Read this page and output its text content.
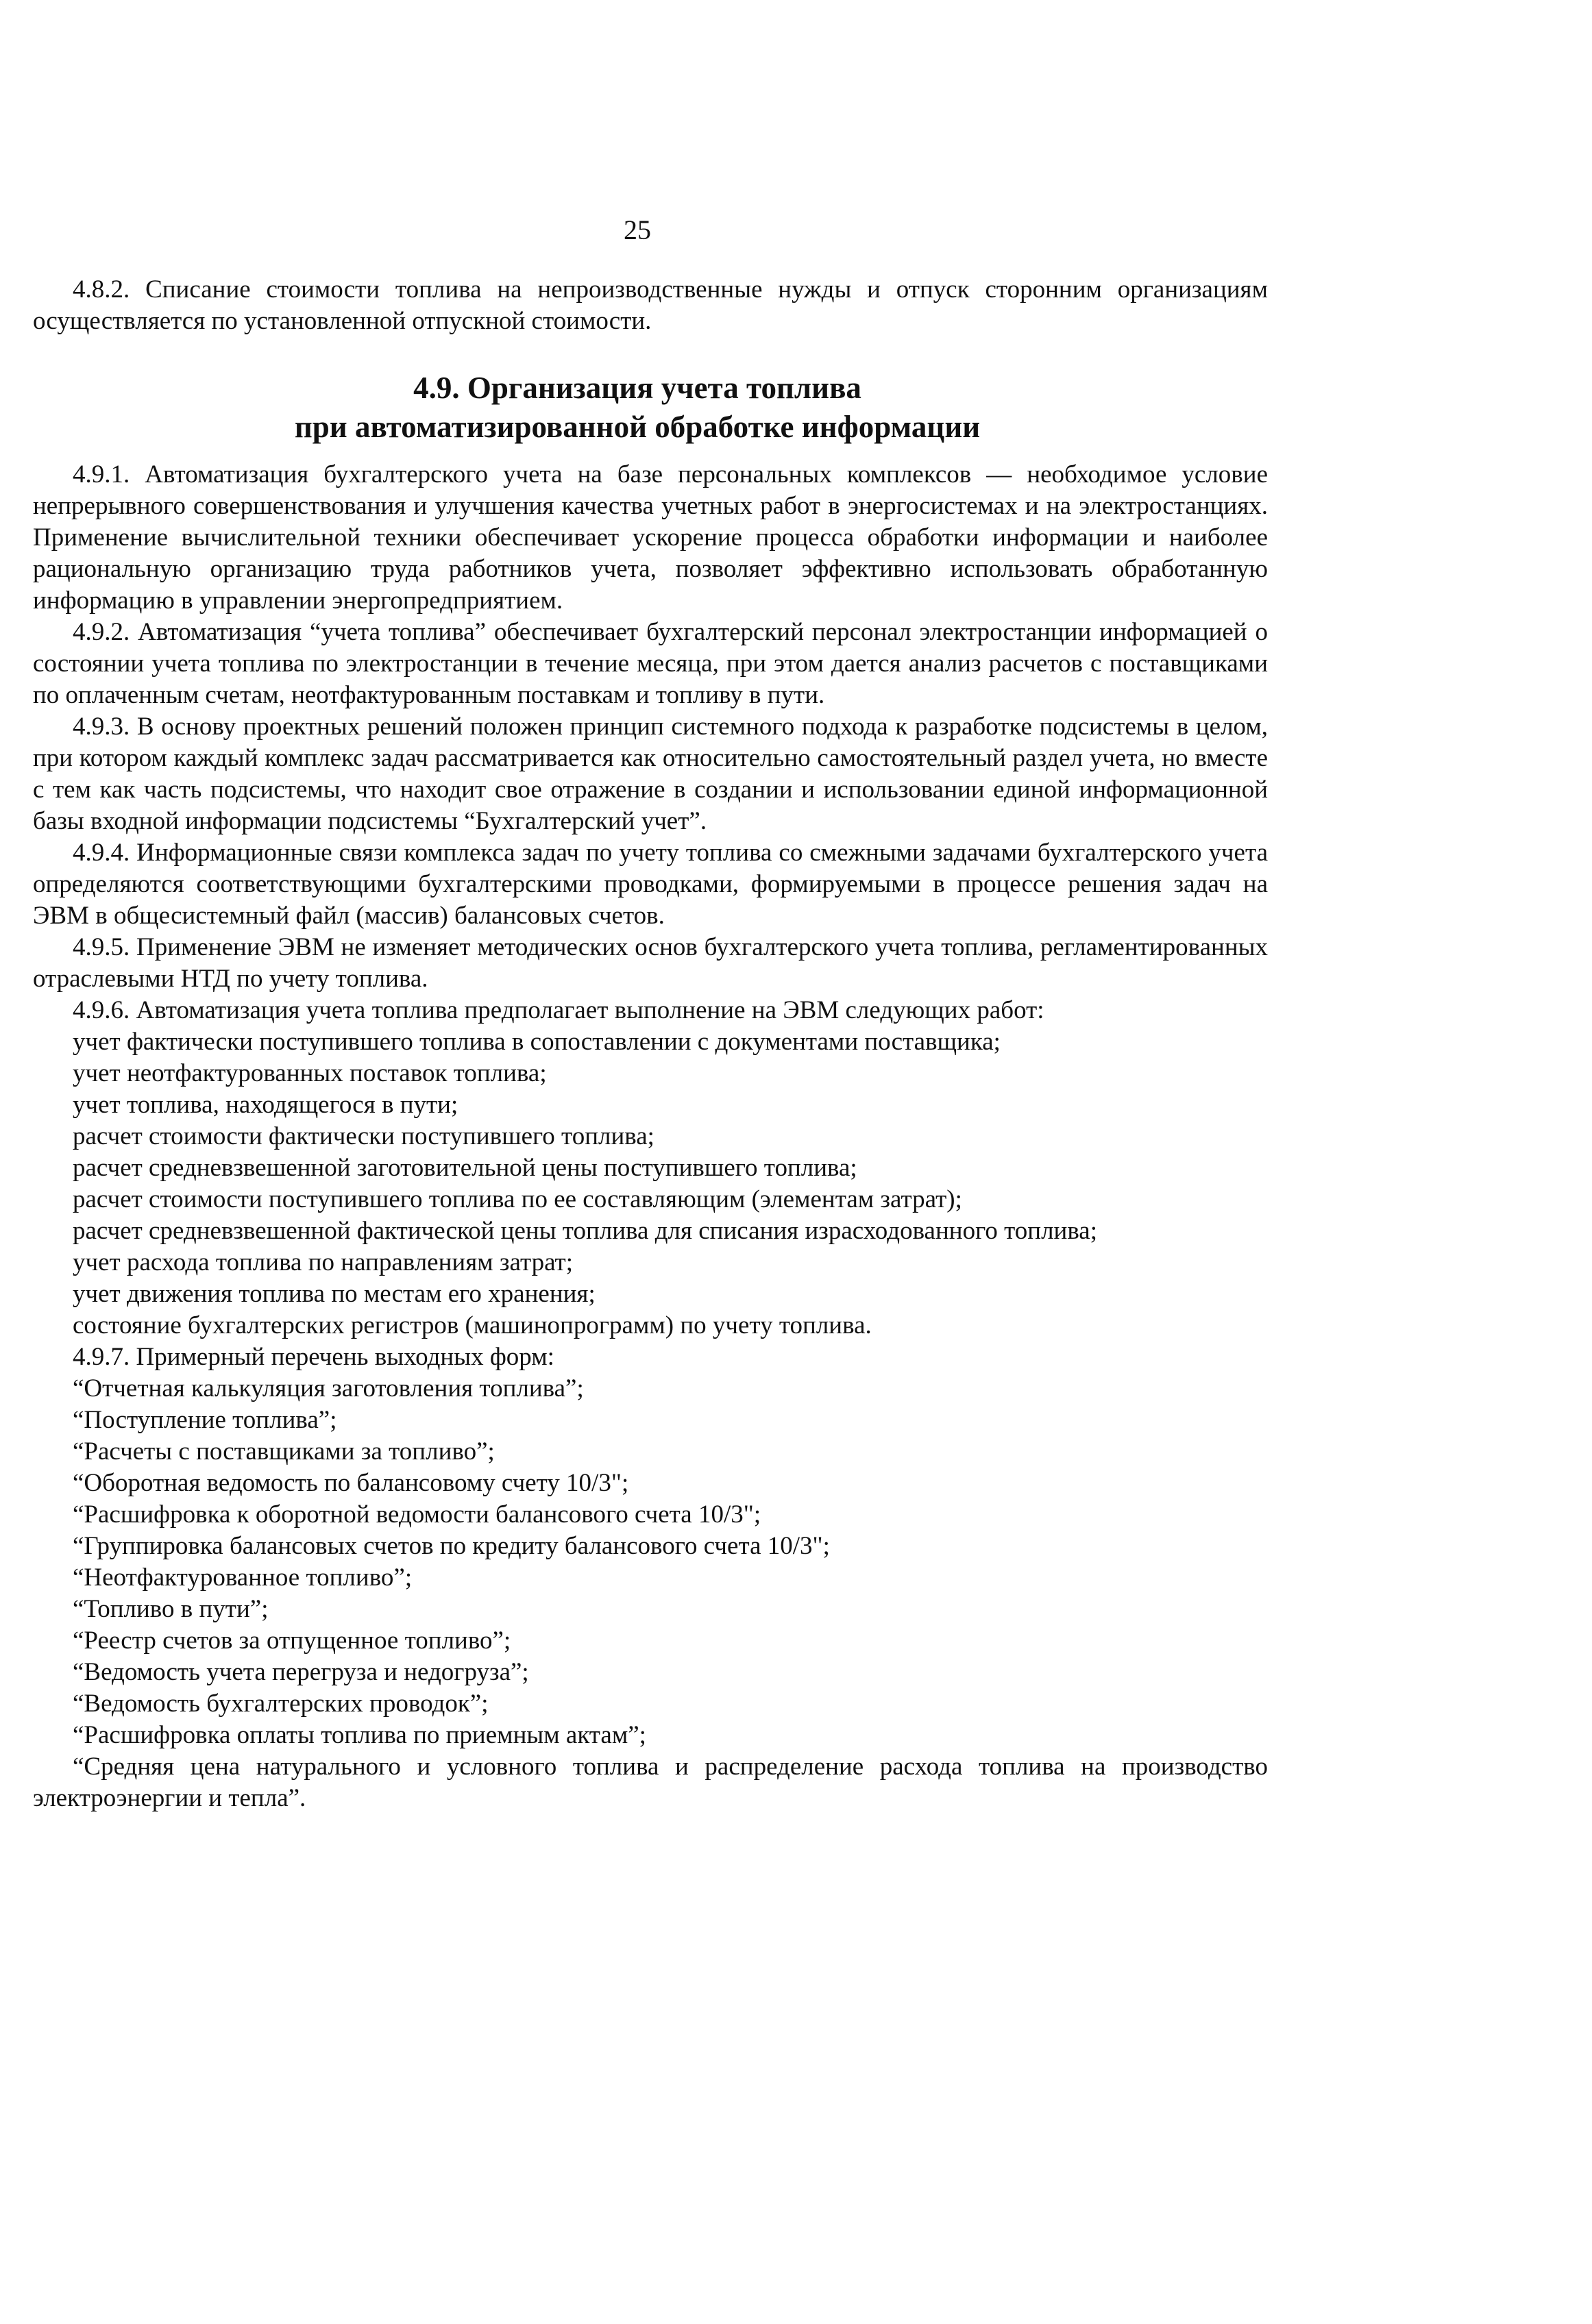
25

4.8.2. Списание стоимости топлива на непроизводственные нужды и отпуск сторонним организациям осуществляется по установленной отпускной стоимости.

4.9. Организация учета топлива
при автоматизированной обработке информации

4.9.1. Автоматизация бухгалтерского учета на базе персональных комплексов — необходимое условие непрерывного совершенствования и улучшения качества учетных работ в энергосистемах и на электростанциях. Применение вычислительной техники обеспечивает ускорение процесса обработки информации и наиболее рациональную организацию труда работников учета, позволяет эффективно использовать обработанную информацию в управлении энергопредприятием.

4.9.2. Автоматизация “учета топлива” обеспечивает бухгалтерский персонал электростанции информацией о состоянии учета топлива по электростанции в течение месяца, при этом дается анализ расчетов с поставщиками по оплаченным счетам, неотфактурованным поставкам и топливу в пути.

4.9.3. В основу проектных решений положен принцип системного подхода к разработке подсистемы в целом, при котором каждый комплекс задач рассматривается как относительно самостоятельный раздел учета, но вместе с тем как часть подсистемы, что находит свое отражение в создании и использовании единой информационной базы входной информации подсистемы “Бухгалтерский учет”.

4.9.4. Информационные связи комплекса задач по учету топлива со смежными задачами бухгалтерского учета определяются соответствующими бухгалтерскими проводками, формируемыми в процессе решения задач на ЭВМ в общесистемный файл (массив) балансовых счетов.

4.9.5. Применение ЭВМ не изменяет методических основ бухгалтерского учета топлива, регламентированных отраслевыми НТД по учету топлива.

4.9.6. Автоматизация учета топлива предполагает выполнение на ЭВМ следующих работ:

учет фактически поступившего топлива в сопоставлении с документами поставщика;

учет неотфактурованных поставок топлива;

учет топлива, находящегося в пути;

расчет стоимости фактически поступившего топлива;

расчет средневзвешенной заготовительной цены поступившего топлива;

расчет стоимости поступившего топлива по ее составляющим (элементам затрат);

расчет средневзвешенной фактической цены топлива для списания израсходованного топлива;

учет расхода топлива по направлениям затрат;

учет движения топлива по местам его хранения;

состояние бухгалтерских регистров (машинопрограмм) по учету топлива.

4.9.7. Примерный перечень выходных форм:

“Отчетная калькуляция заготовления топлива”;

“Поступление топлива”;

“Расчеты с поставщиками за топливо”;

“Оборотная ведомость по балансовому счету 10/3";

“Расшифровка к оборотной ведомости балансового счета 10/3";

“Группировка балансовых счетов по кредиту балансового счета 10/3";

“Неотфактурованное топливо”;

“Топливо в пути”;

“Реестр счетов за отпущенное топливо”;

“Ведомость учета перегруза и недогруза”;

“Ведомость бухгалтерских проводок”;

“Расшифровка оплаты топлива по приемным актам”;

“Средняя цена натурального и условного топлива и распределение расхода топлива на производство электроэнергии и тепла”.
